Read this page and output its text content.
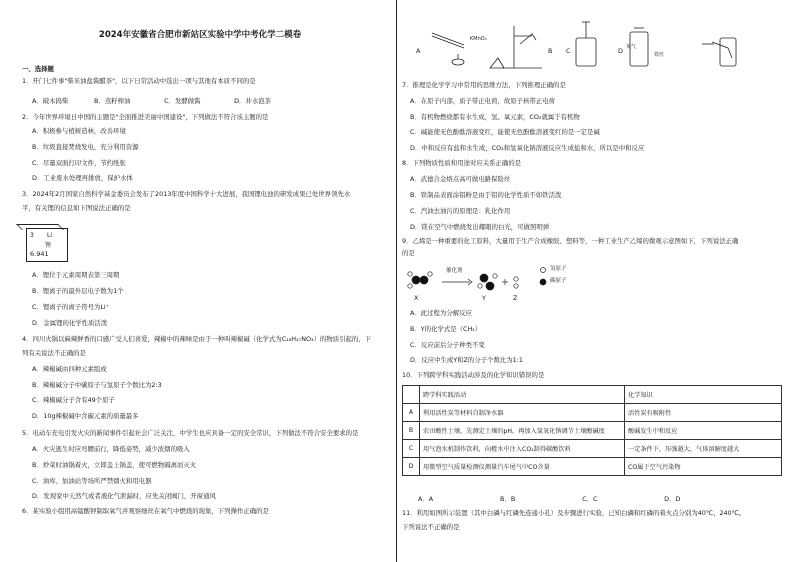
2024年安徽省合肥市新站区实验中学中考化学二模卷
一、选择题
1．开门七件事"柴米油盐酱醋茶"，以下日常活动中选出一项与其他有本质不同的是
A．破木捣柴	B．蒸籽榨油	C．发酵做酱	D．井水泡茶
2．今年世界环境日中国的主题是"全面推进美丽中国建设"，下列做法不符合该主题的是
A．积极参与植树造林，改善环境
B．垃圾直接焚烧发电，充分利用资源
C．尽量双面打印文件，节约纸张
D．工业废水处理再排放，保护水体
3．2024年2月国家自然科学基金委员会发布了2013年度中国科学十大进展，我国锂电池的研发成果已处世界领先水
平，有关锂的信息如下图说法正确的是
3 Li
锂
6.941
A．锂位于元素周期表第三周期
B．锂离子的最外层电子数为1个
C．锂离子的离子符号为Li⁺
D．金属锂的化学性质活泼
4．四川火锅以麻辣鲜香的口感广受人们喜爱，辣椒中的辣味是由于一种叫辣椒碱（化学式为C₁₈H₂₇NO₃）的物质引起的，下
列有关说法不正确的是
A．辣椒碱由四种元素组成
B．辣椒碱分子中碳原子与氢原子个数比为2:3
C．辣椒碱分子含有49个原子
D．10g辣椒碱中含碳元素的质量最多
5．电动车充电引发火灾的新闻事件引起社会广泛关注，中学生也应具备一定的安全常识，下列做法不符合安全要求的是
A．火灾逃生时应弯腰前行，降低姿势，减少浓烟的吸入
B．炒菜时油锅着火，立即盖上锅盖，使可燃物隔离而灭火
C．油库、加油站等场所严禁烟火和用电器
D．发现家中天然气或者液化气泄漏时，应先关闭阀门，开窗通风
6．某实验小组用高锰酸钾制取氧气并观察细丝在氧气中燃烧的现象，下列操作正确的是
A	B C	D
KMnO₄
氧气
铁丝
7．推理是化学学习中常用的思维方法，下列推理正确的是
A．在原子内部，质子带正电荷，故原子核带正电荷
B．有机物燃烧都有水生成，氢、氧元素，CO₂就属于有机物
C．碱能使无色酚酞溶液变红，能使无色酚酞溶液变红的是一定是碱
D．中和反应有盐和水生成，CO₂和氢氧化钠溶液反应生成盐和水，所以是中和反应
8．下列物质性质和用途对应关系正确的是
A．武德合金熔点高可做电路保险丝
B．铁制品表面涂铝粉是由于铝的化学性质不如铁活泼
C．汽油去油污的原理是：乳化作用
D．镁在空气中燃烧发出耀眼的白光，可做照明弹
9．乙烯是一种重要的化工原料，大量用于生产合成橡胶、塑料等，一种工业生产乙烯的微观示意图如下，下列说法正确
的是
催化剂	氢原子
碳原子
X	Y	Z
A．此过程为分解反应
B．Y的化学式是（CH₂）
C．反应前后分子种类不变
D．反应中生成Y和Z的分子个数比为1:1
10．下列跨学科实践活动涉及的化学知识错误的是
	跨学科实践活动	化学知识
A	利用活性炭等材料自制净水器	活性炭有吸附性
B	农田酸性土壤，先测定土壤的pH，再加入氢氧化钠调节土壤酸碱度	酸碱发生中和反应
C	用气泡水机制作饮料，向橙水中注入CO₂制得碳酸饮料	一定条件下，压强越大，气体溶解度越大
D	用微型空气质量检测仪测量汽车尾气中CO含量	CO属于空气污染物
A．A	B．B	C．C	D．D
11．利用如图所示装置（其中白磷与红磷先连通小孔）及步骤进行实验，已知白磷和红磷的着火点分别为40℃、240℃。
下列说法不正确的是
